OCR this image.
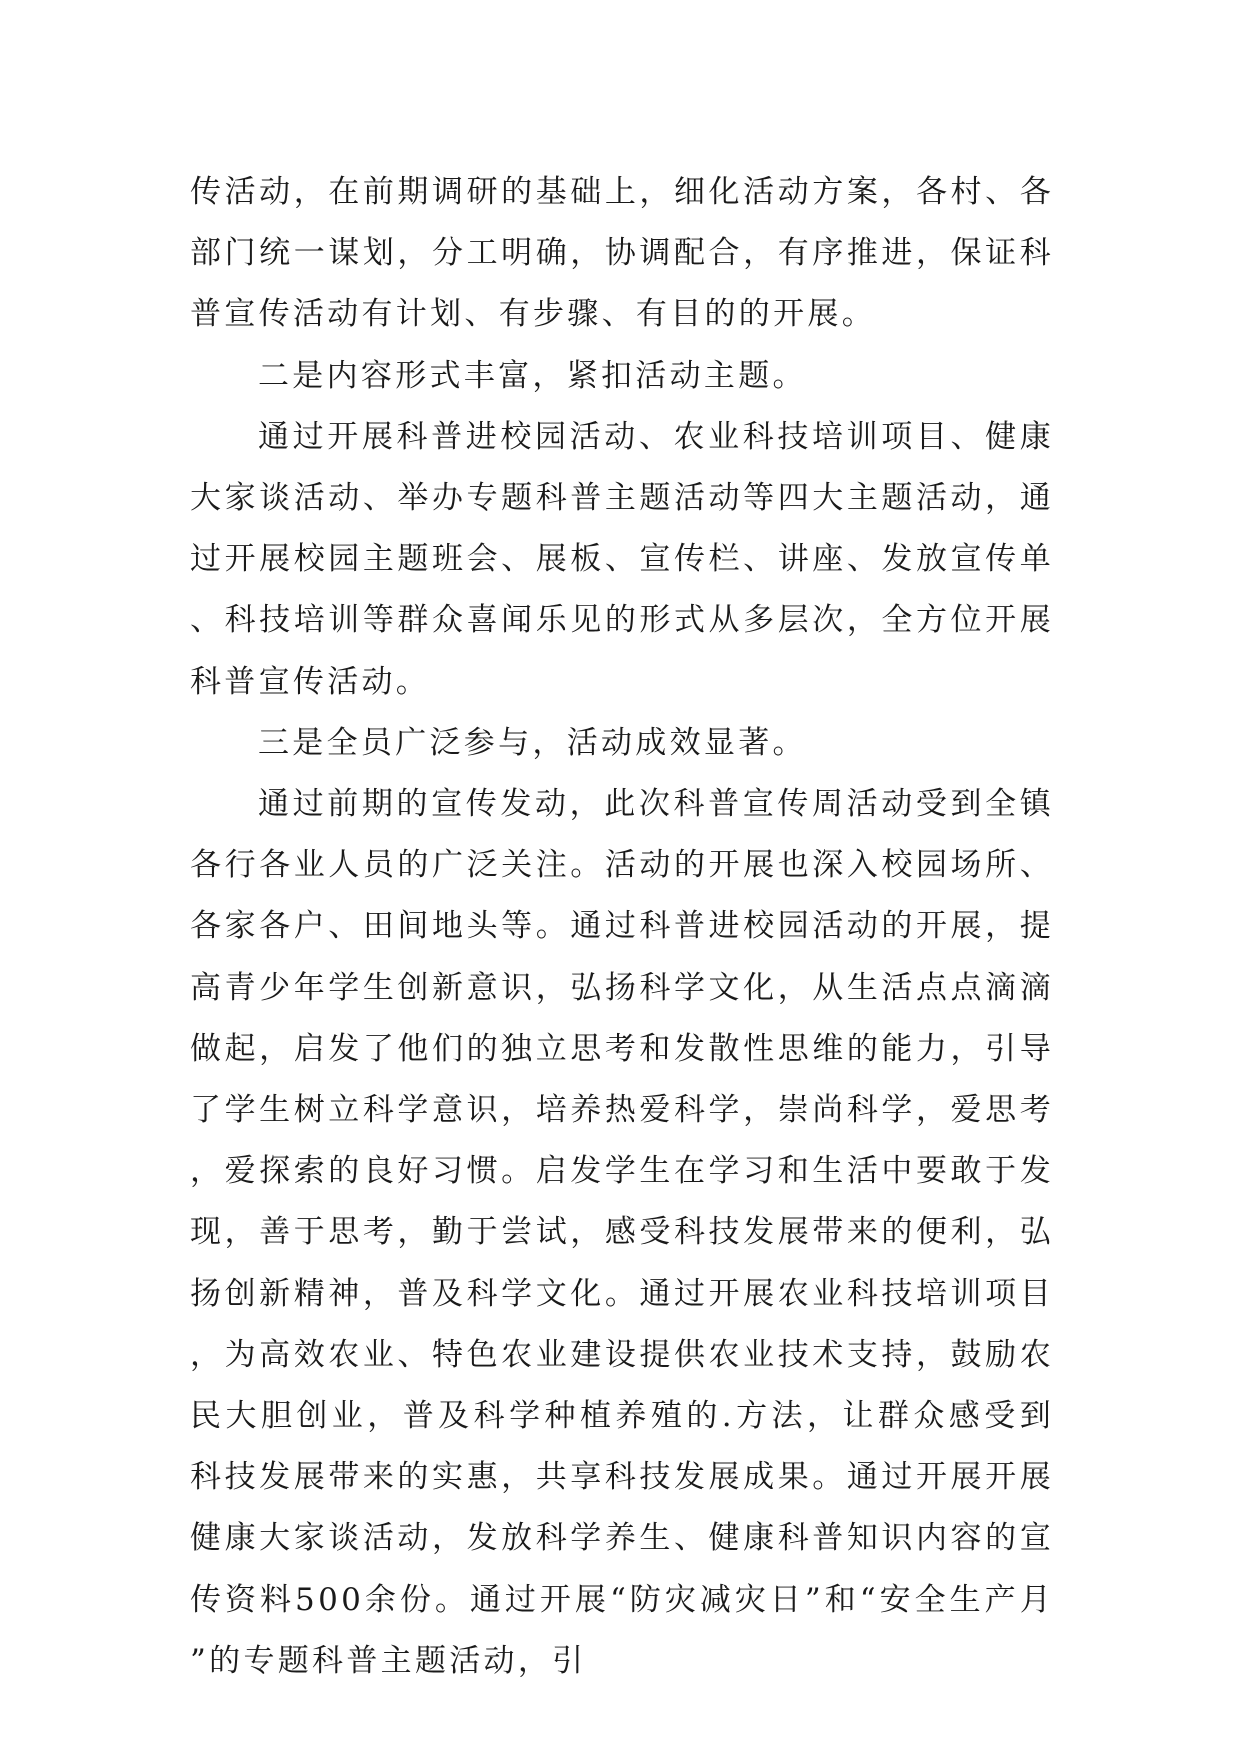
传活动，在前期调研的基础上，细化活动方案，各村、各部门统一谋划，分工明确，协调配合，有序推进，保证科普宣传活动有计划、有步骤、有目的的开展。

二是内容形式丰富，紧扣活动主题。

通过开展科普进校园活动、农业科技培训项目、健康大家谈活动、举办专题科普主题活动等四大主题活动，通过开展校园主题班会、展板、宣传栏、讲座、发放宣传单、科技培训等群众喜闻乐见的形式从多层次，全方位开展科普宣传活动。

三是全员广泛参与，活动成效显著。

通过前期的宣传发动，此次科普宣传周活动受到全镇各行各业人员的广泛关注。活动的开展也深入校园场所、各家各户、田间地头等。通过科普进校园活动的开展，提高青少年学生创新意识，弘扬科学文化，从生活点点滴滴做起，启发了他们的独立思考和发散性思维的能力，引导了学生树立科学意识，培养热爱科学，崇尚科学，爱思考，爱探索的良好习惯。启发学生在学习和生活中要敢于发现，善于思考，勤于尝试，感受科技发展带来的便利，弘扬创新精神，普及科学文化。通过开展农业科技培训项目，为高效农业、特色农业建设提供农业技术支持，鼓励农民大胆创业，普及科学种植养殖的.方法，让群众感受到科技发展带来的实惠，共享科技发展成果。通过开展开展健康大家谈活动，发放科学养生、健康科普知识内容的宣传资料500余份。通过开展“防灾减灾日”和“安全生产月”的专题科普主题活动，引
